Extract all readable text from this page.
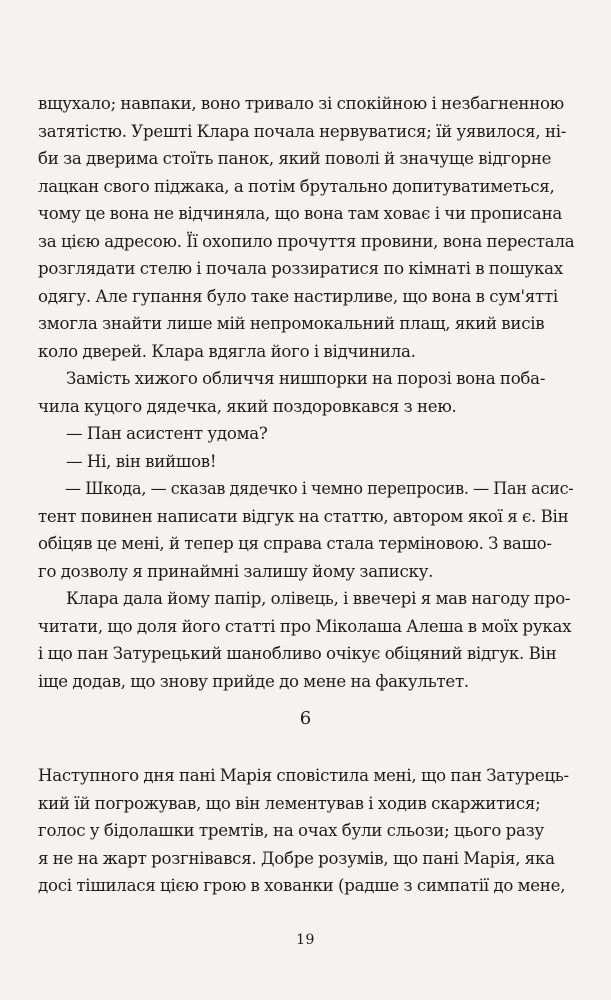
вщухало; навпаки, воно тривало зі спокійною і незбагненною
затятістю. Урешті Клара почала нервуватися; їй уявилося, ні-
би за дверима стоїть панок, який поволі й значуще відгорне
лацкан свого піджака, а потім брутально допитуватиметься,
чому це вона не відчиняла, що вона там ховає і чи прописана
за цією адресою. Її охопило прочуття провини, вона перестала
розглядати стелю і почала роззиратися по кімнаті в пошуках
одягу. Але гупання було таке настирливе, що вона в сум'ятті
змогла знайти лише мій непромокальний плащ, який висів
коло дверей. Клара вдягла його і відчинила.
Замість хижого обличчя нишпорки на порозі вона поба-
чила куцого дядечка, який поздоровкався з нею.
— Пан асистент удома?
— Ні, він вийшов!
— Шкода, — сказав дядечко і чемно перепросив. — Пан асис-
тент повинен написати відгук на статтю, автором якої я є. Він
обіцяв це мені, й тепер ця справа стала терміновою. З вашо-
го дозволу я принаймні залишу йому записку.
Клара дала йому папір, олівець, і ввечері я мав нагоду про-
читати, що доля його статті про Міколаша Алеша в моїх руках
і що пан Затурецький шанобливо очікує обіцяний відгук. Він
іще додав, що знову прийде до мене на факультет.
6
Наступного дня пані Марія сповістила мені, що пан Затурець-
кий їй погрожував, що він лементував і ходив скаржитися;
голос у бідолашки тремтів, на очах були сльози; цього разу
я не на жарт розгнівався. Добре розумів, що пані Марія, яка
досі тішилася цією грою в хованки (радше з симпатії до мене,
19
